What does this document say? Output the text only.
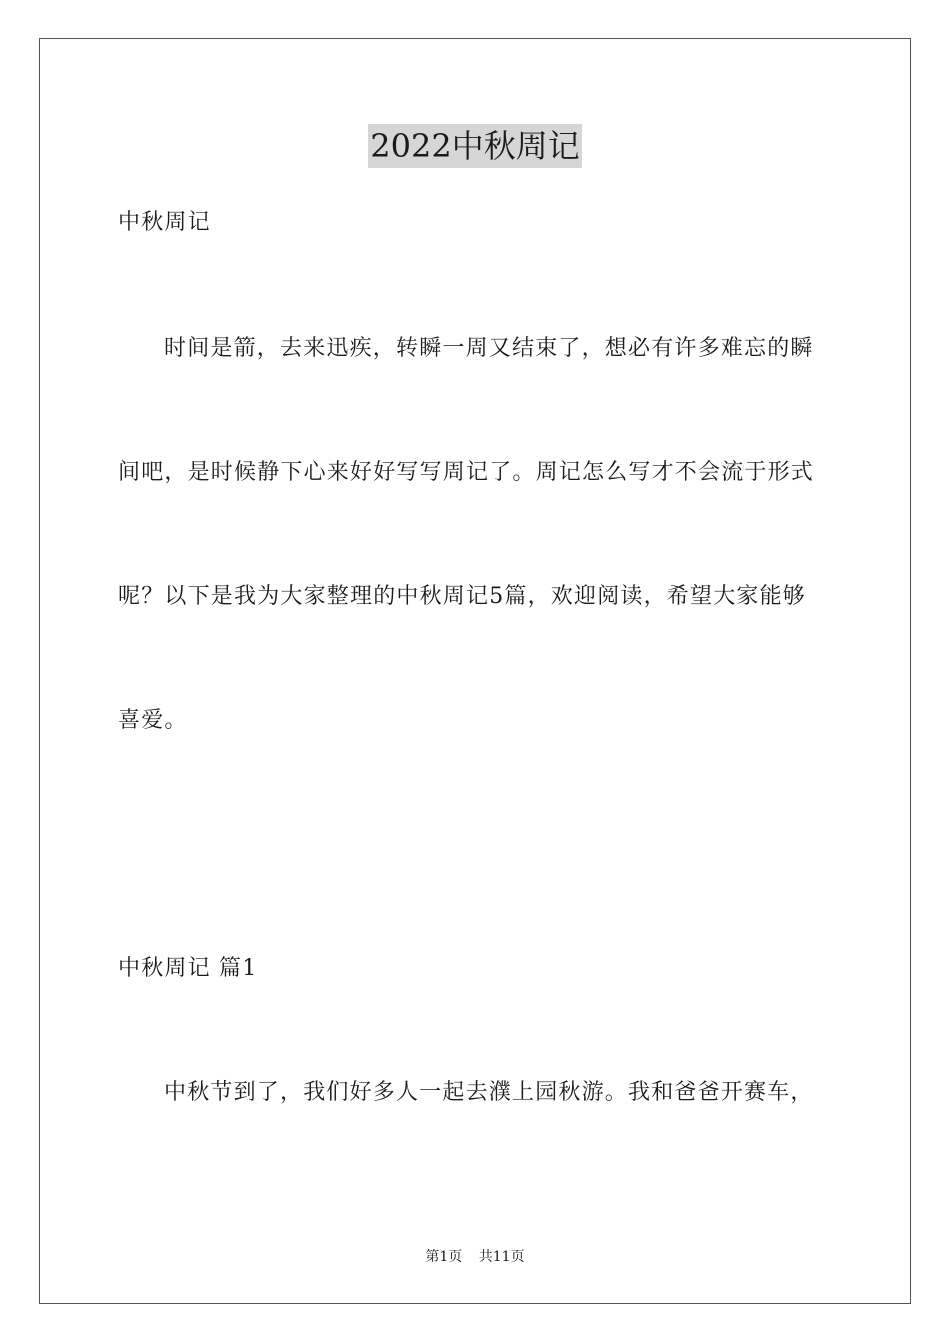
2022中秋周记
中秋周记
时间是箭，去来迅疾，转瞬一周又结束了，想必有许多难忘的瞬
间吧，是时候静下心来好好写写周记了。周记怎么写才不会流于形式
呢？以下是我为大家整理的中秋周记5篇，欢迎阅读，希望大家能够
喜爱。
中秋周记 篇1
中秋节到了，我们好多人一起去濮上园秋游。我和爸爸开赛车，
第1页 共11页
